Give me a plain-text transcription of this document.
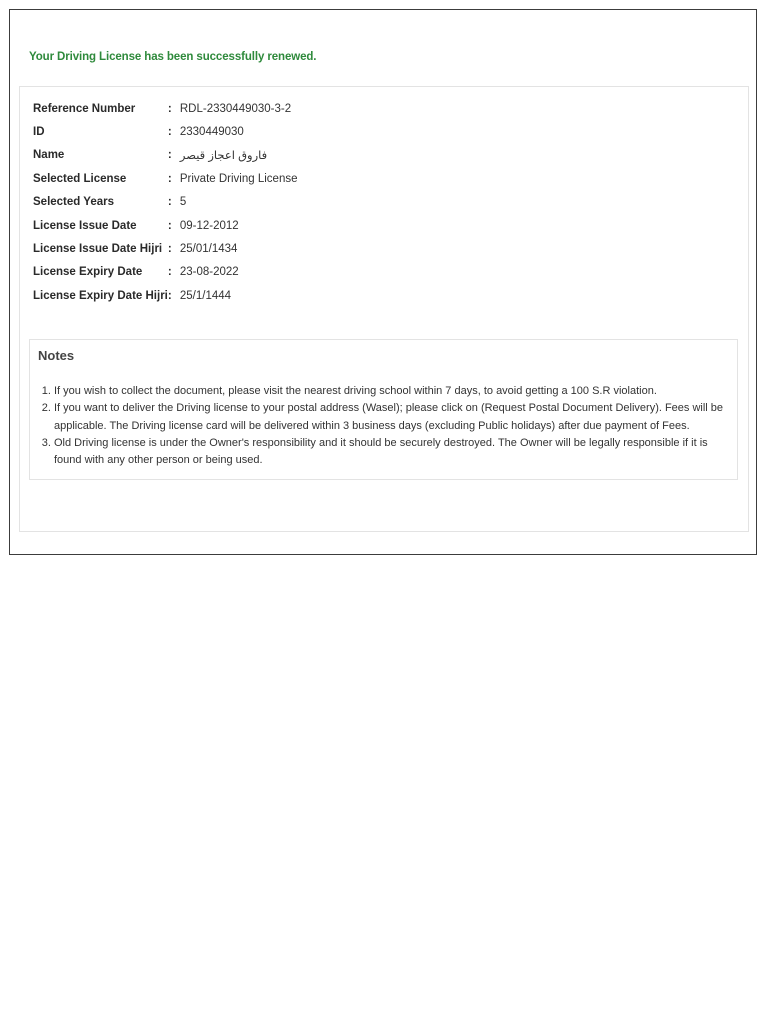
Your Driving License has been successfully renewed.
Reference Number	:	RDL-2330449030-3-2
ID	:	2330449030
Name	:	فاروق اعجاز قيصر
Selected License	:	Private Driving License
Selected Years	:	5
License Issue Date	:	09-12-2012
License Issue Date Hijri	:	25/01/1434
License Expiry Date	:	23-08-2022
License Expiry Date Hijri	:	25/1/1444
Notes
1. If you wish to collect the document, please visit the nearest driving school within 7 days, to avoid getting a 100 S.R violation.
2. If you want to deliver the Driving license to your postal address (Wasel); please click on (Request Postal Document Delivery). Fees will be applicable. The Driving license card will be delivered within 3 business days (excluding Public holidays) after due payment of Fees.
3. Old Driving license is under the Owner's responsibility and it should be securely destroyed. The Owner will be legally responsible if it is found with any other person or being used.
